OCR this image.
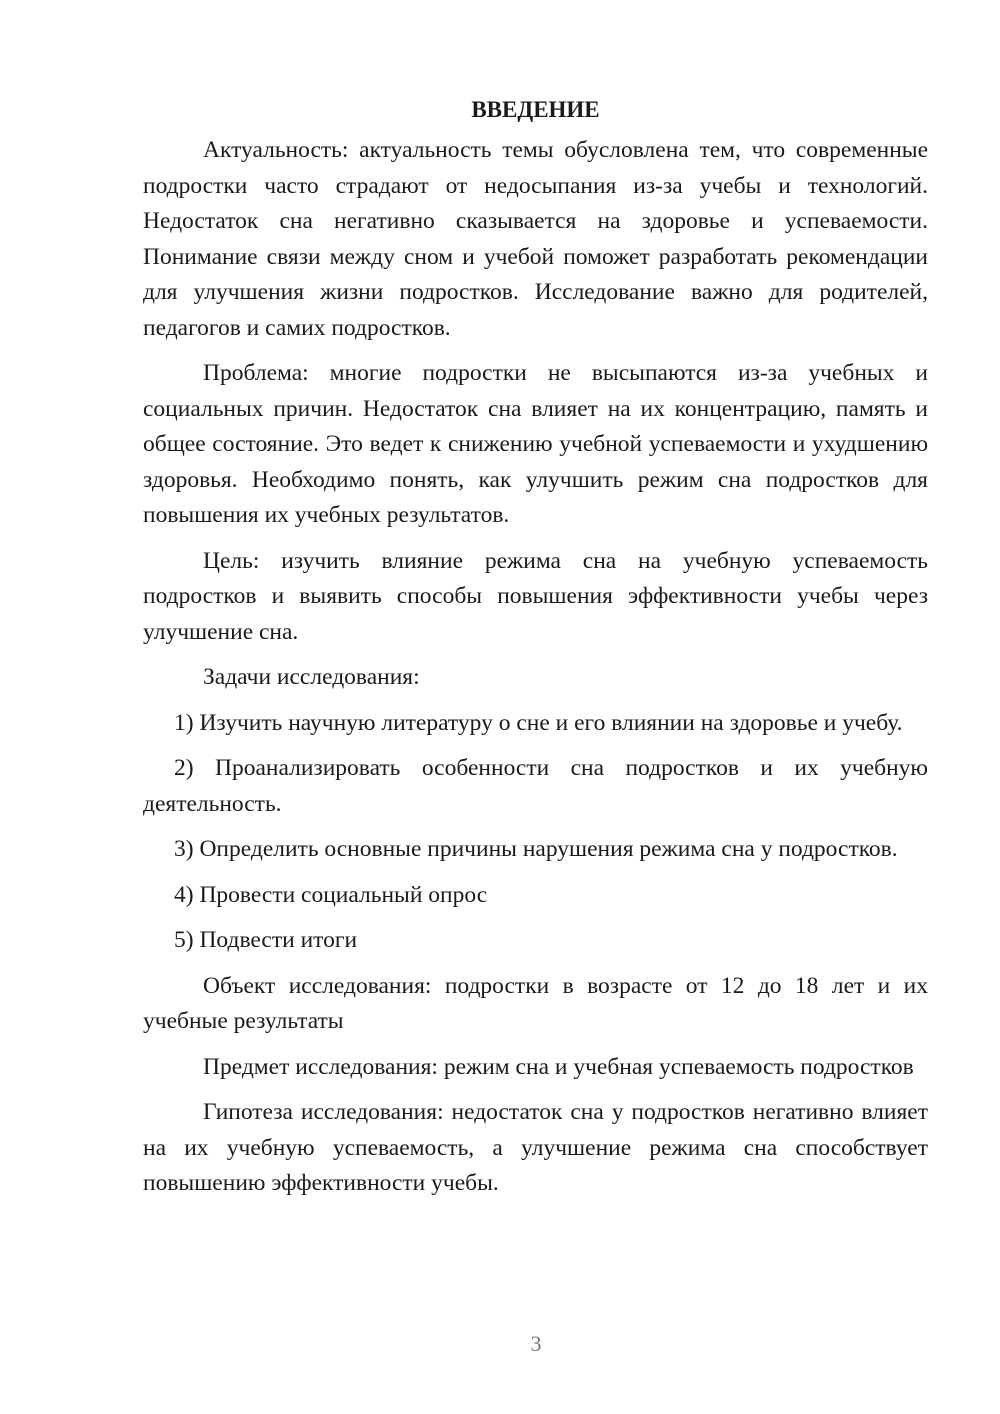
ВВЕДЕНИЕ

Актуальность: актуальность темы обусловлена тем, что современные подростки часто страдают от недосыпания из-за учебы и технологий. Недостаток сна негативно сказывается на здоровье и успеваемости. Понимание связи между сном и учебой поможет разработать рекомендации для улучшения жизни подростков. Исследование важно для родителей, педагогов и самих подростков.

Проблема: многие подростки не высыпаются из-за учебных и социальных причин. Недостаток сна влияет на их концентрацию, память и общее состояние. Это ведет к снижению учебной успеваемости и ухудшению здоровья. Необходимо понять, как улучшить режим сна подростков для повышения их учебных результатов.

Цель: изучить влияние режима сна на учебную успеваемость подростков и выявить способы повышения эффективности учебы через улучшение сна.

Задачи исследования:

1) Изучить научную литературу о сне и его влиянии на здоровье и учебу.

2) Проанализировать особенности сна подростков и их учебную деятельность.

3) Определить основные причины нарушения режима сна у подростков.

4) Провести социальный опрос

5) Подвести итоги

Объект исследования: подростки в возрасте от 12 до 18 лет и их учебные результаты

Предмет исследования: режим сна и учебная успеваемость подростков

Гипотеза исследования: недостаток сна у подростков негативно влияет на их учебную успеваемость, а улучшение режима сна способствует повышению эффективности учебы.

3
